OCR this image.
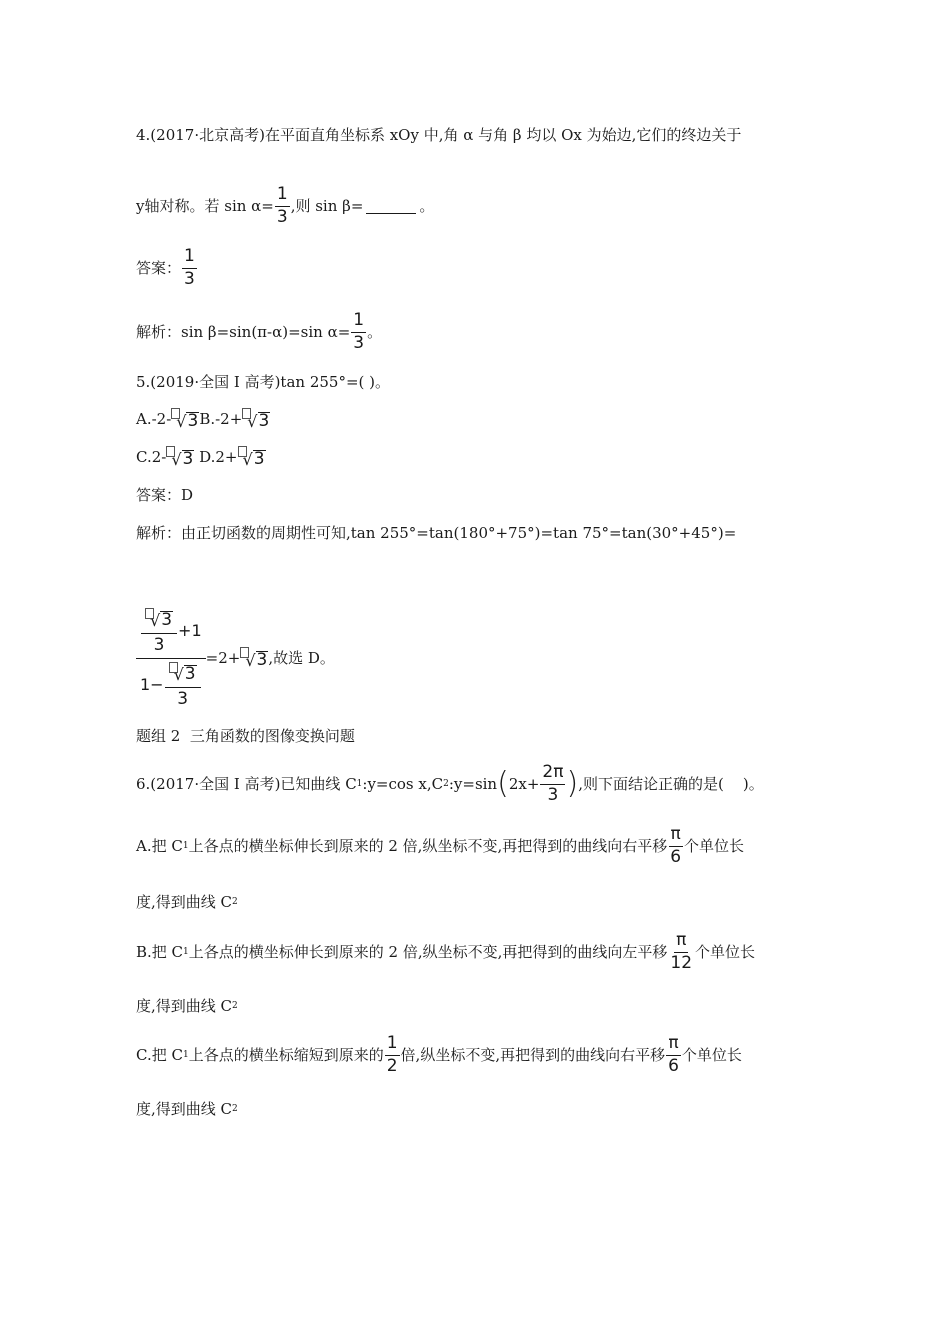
4.(2017·北京高考)在平面直角坐标系 xOy 中,角 α 与角 β 均以 Ox 为始边,它们的终边关于
y轴对称。若 $\sin \alpha= \frac{1}{3}$ ,则 sin β=	。
答案： $\frac{1}{3}$
解析：sin β=sin(π-α)=sin $\alpha= \frac{1}{3}$ 。
5.(2019·全国 I 高考)tan 255°=( )。
A.-2- √ 3 B.-2+ √ 3
C.2- √ 3 D.2+ √ 3
答案：D
解析：由正切函数的周期性可知,tan 255°=tan(180°+75°)=tan 75°=tan(30°+45°)=
$\frac{\frac{√ 3}{3} +1}{1- \frac{√ 3}{3}} =2+$ √ 3 ,故选 D。
题组 2  三角函数的图像变换问题
6.(2017·全国 I 高考)已知曲线 C 1 :y=cos x,C 2 :y=sin ( $2x+ \frac{2\pi}{3}$ ) ,则下面结论正确的是(    )。
A.把 C 1 上各点的横坐标伸长到原来的 2 倍,纵坐标不变,再把得到的曲线向右平移 $\frac{\pi}{6}$ 个单位长
度,得到曲线 C 2
B.把 C 1 上各点的横坐标伸长到原来的 2 倍,纵坐标不变,再把得到的曲线向左平移 $\frac{\pi}{12}$ 个单位长
度,得到曲线 C 2
C.把 C 1 上各点的横坐标缩短到原来的 $\frac{1}{2}$ 倍,纵坐标不变,再把得到的曲线向右平移 $\frac{\pi}{6}$ 个单位长
度,得到曲线 C 2
